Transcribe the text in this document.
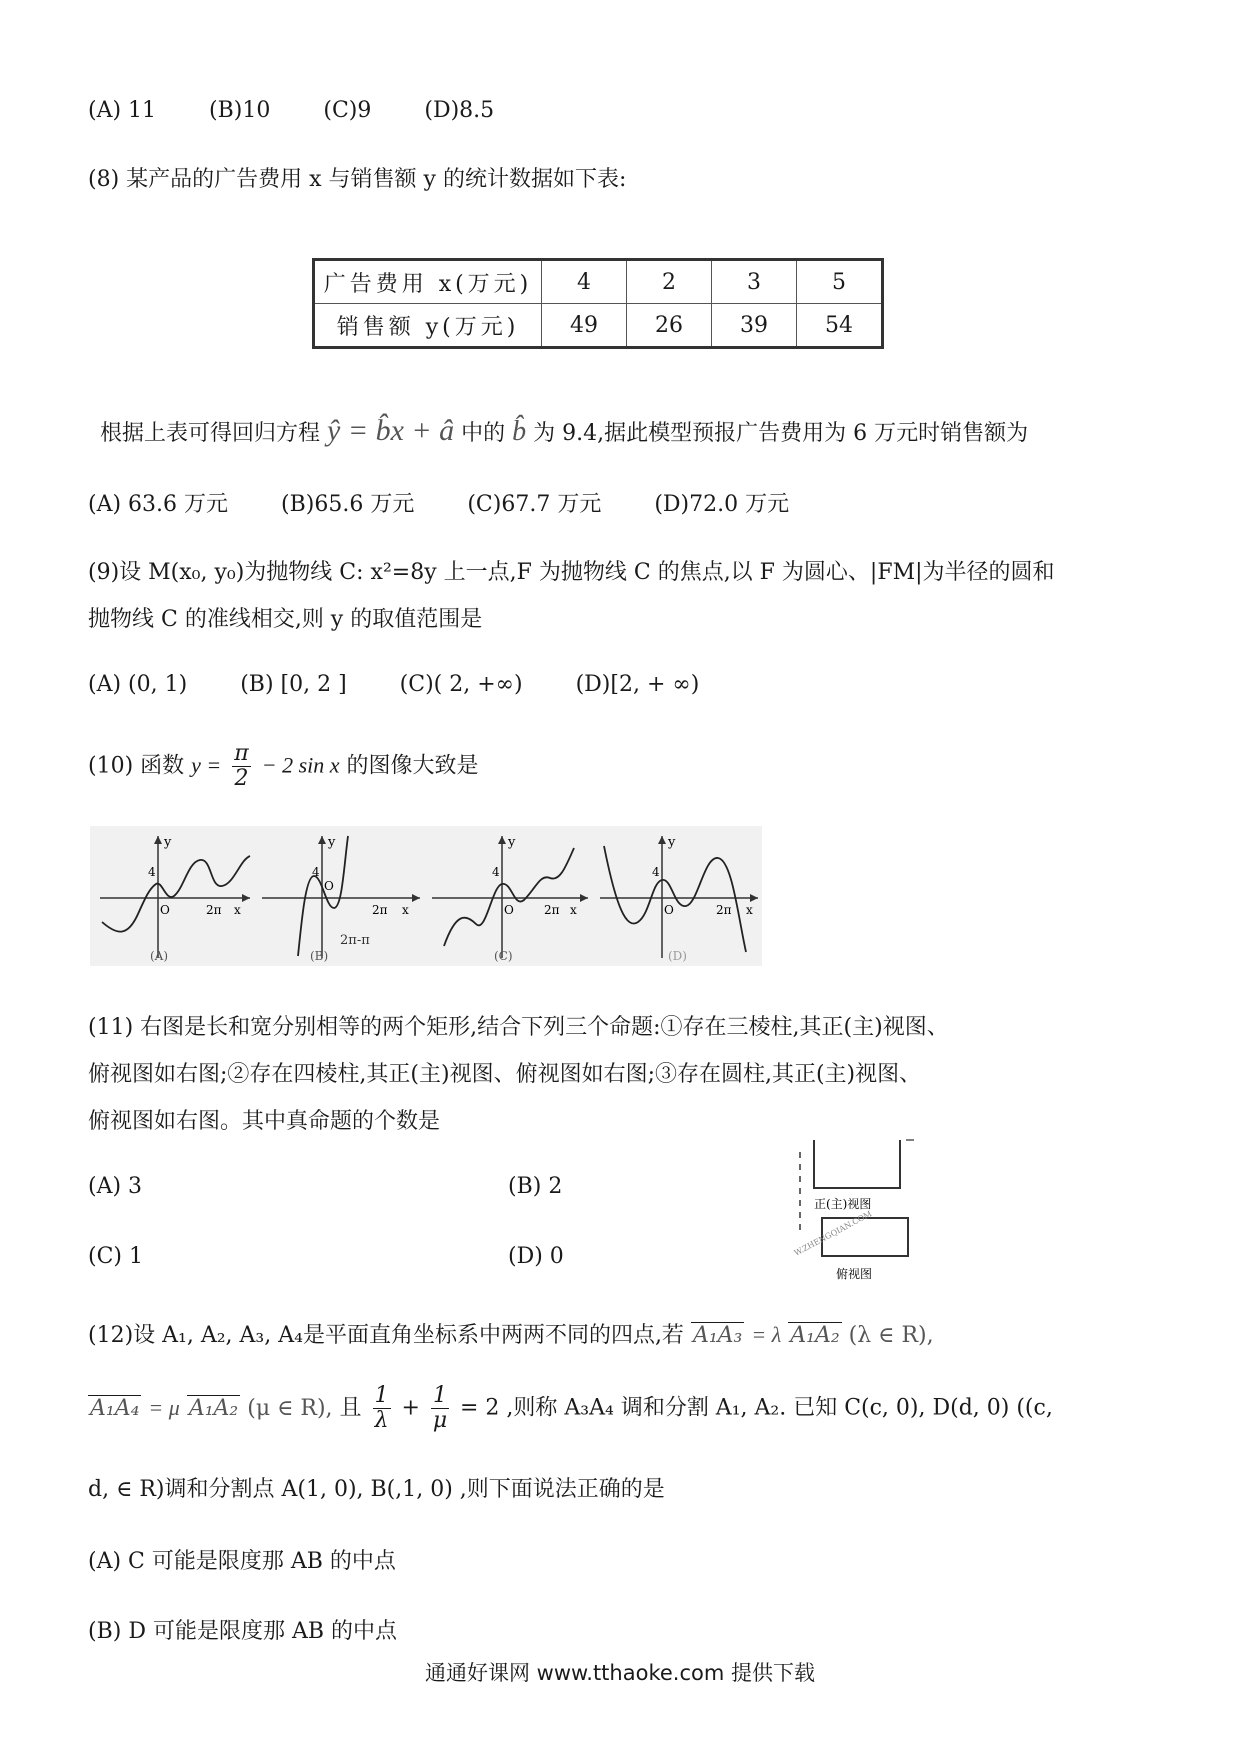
(A) 11 (B)10 (C)9 (D)8.5
(8) 某产品的广告费用 x 与销售额 y 的统计数据如下表:
广告费用 x(万元)	4	2	3	5
销售额 y(万元)	49	26	39	54
根据上表可得回归方程 ŷ = b̂x + â 中的 b̂ 为 9.4,据此模型预报广告费用为 6 万元时销售额为
(A) 63.6 万元 (B)65.6 万元 (C)67.7 万元 (D)72.0 万元
(9)设 M(x₀, y₀)为抛物线 C: x²=8y 上一点,F 为抛物线 C 的焦点,以 F 为圆心、|FM|为半径的圆和
抛物线 C 的准线相交,则 y 的取值范围是
(A) (0, 1) (B) [0, 2 ] (C)( 2, +∞) (D)[2, + ∞)
(10) 函数 $y = \frac{\pi}{2} - 2$ sin x 的图像大致是
y
4
O	2π x
(A)
y
4
O
2π x
2π-π
(B)
y
4
O	2π x
(C)
y
4
O	2π x
(D)
(11) 右图是长和宽分别相等的两个矩形,结合下列三个命题:①存在三棱柱,其正(主)视图、
俯视图如右图;②存在四棱柱,其正(主)视图、俯视图如右图;③存在圆柱,其正(主)视图、
俯视图如右图。其中真命题的个数是
(A) 3	(B) 2
(C) 1	(D) 0
正(主)视图
W.ZHENGQIAN.COM
俯视图
(12)设 A₁, A₂, A₃, A₄是平面直角坐标系中两两不同的四点,若 A₁A₃ = λ A₁A₂ (λ ∈ R),
A₁A₄ = μ A₁A₂ (μ ∈ R), 且 $\frac{1}{\lambda} + \frac{1}{\mu} = 2$ ,则称 A₃A₄ 调和分割 A₁, A₂. 已知 C(c, 0), D(d, 0) ((c,
d, ∈ R)调和分割点 A(1, 0), B(,1, 0) ,则下面说法正确的是
(A) C 可能是限度那 AB 的中点
(B) D 可能是限度那 AB 的中点
通通好课网 www.tthaoke.com 提供下载
